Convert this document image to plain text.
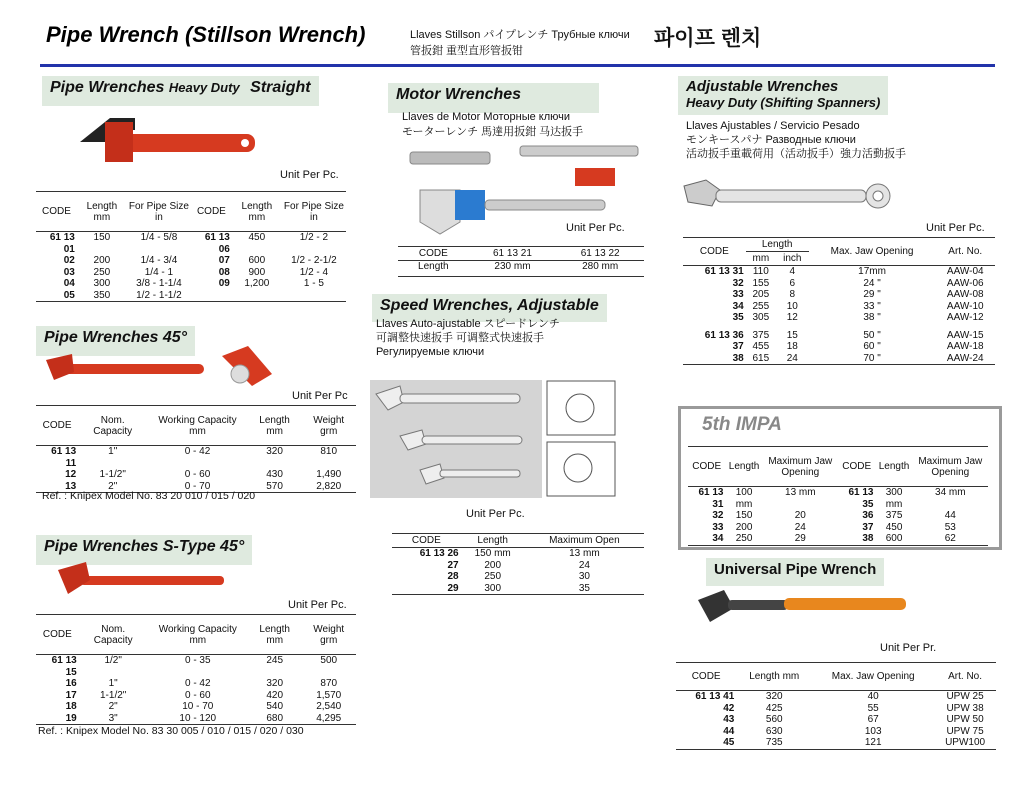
Pipe Wrench (Stillson Wrench)	Llaves Stillson パイプレンチ Трубные ключи
管扳鉗 重型直形管扳钳
파이프 렌치
Pipe Wrenches Heavy Duty Straight
Unit Per Pc.
CODE	Length mm	For Pipe Size in	CODE	Length mm	For Pipe Size in
61 13 01	150	1/4 - 5/8	61 13 06	450	1/2 - 2
02	200	1/4 - 3/4	07	600	1/2 - 2-1/2
03	250	1/4 - 1	08	900	1/2 - 4
04	300	3/8 - 1-1/4	09	1,200	1 - 5
05	350	1/2 - 1-1/2			
Pipe Wrenches 45°
Unit Per Pc
CODE	Nom. Capacity	Working Capacity mm	Length mm	Weight grm
61 13 11	1"	0 - 42	320	810
12	1-1/2"	0 - 60	430	1,490
13	2"	0 - 70	570	2,820
Ref. : Knipex Model No. 83 20 010 / 015 / 020
Pipe Wrenches S-Type 45°
Unit Per Pc.
CODE	Nom. Capacity	Working Capacity mm	Length mm	Weight grm
61 13 15	1/2"	0 - 35	245	500
16	1"	0 - 42	320	870
17	1-1/2"	0 - 60	420	1,570
18	2"	10 - 70	540	2,540
19	3"	10 - 120	680	4,295
Ref. : Knipex Model No. 83 30 005 / 010 / 015 / 020 / 030
Motor Wrenches
Llaves de Motor Моторные ключи
モーターレンチ 馬達用扳鉗 马达扳手
Unit Per Pc.
CODE	61 13 21	61 13 22
Length	230 mm	280 mm
Speed Wrenches, Adjustable
Llaves Auto-ajustable スピードレンチ
可調整快速扳手 可调整式快速扳手
Регулируемые ключи
Unit Per Pc.
CODE	Length	Maximum Open
61 13 26	150 mm	13 mm
27	200	24
28	250	30
29	300	35
Adjustable Wrenches
Heavy Duty (Shifting Spanners)
Llaves Ajustables / Servicio Pesado
モンキースパナ Разводные ключи
活动扳手重載荷用（活动扳手）強力活動扳手
Unit Per Pc.
CODE	Length		Max. Jaw Opening	Art. No.
	mm	inch		
61 13 31	110	4	17mm	AAW-04
32	155	6	24 "	AAW-06
33	205	8	29 "	AAW-08
34	255	10	33 "	AAW-10
35	305	12	38 "	AAW-12
61 13 36	375	15	50 "	AAW-15
37	455	18	60 "	AAW-18
38	615	24	70 "	AAW-24
5th IMPA
CODE	Length	Maximum Jaw Opening	CODE	Length	Maximum Jaw Opening
61 13 31	100 mm	13 mm	61 13 35	300 mm	34 mm
32	150	20	36	375	44
33	200	24	37	450	53
34	250	29	38	600	62
Universal Pipe Wrench
Unit Per Pr.
CODE	Length mm	Max. Jaw Opening	Art. No.
61 13 41	320	40	UPW 25
42	425	55	UPW 38
43	560	67	UPW 50
44	630	103	UPW 75
45	735	121	UPW100
